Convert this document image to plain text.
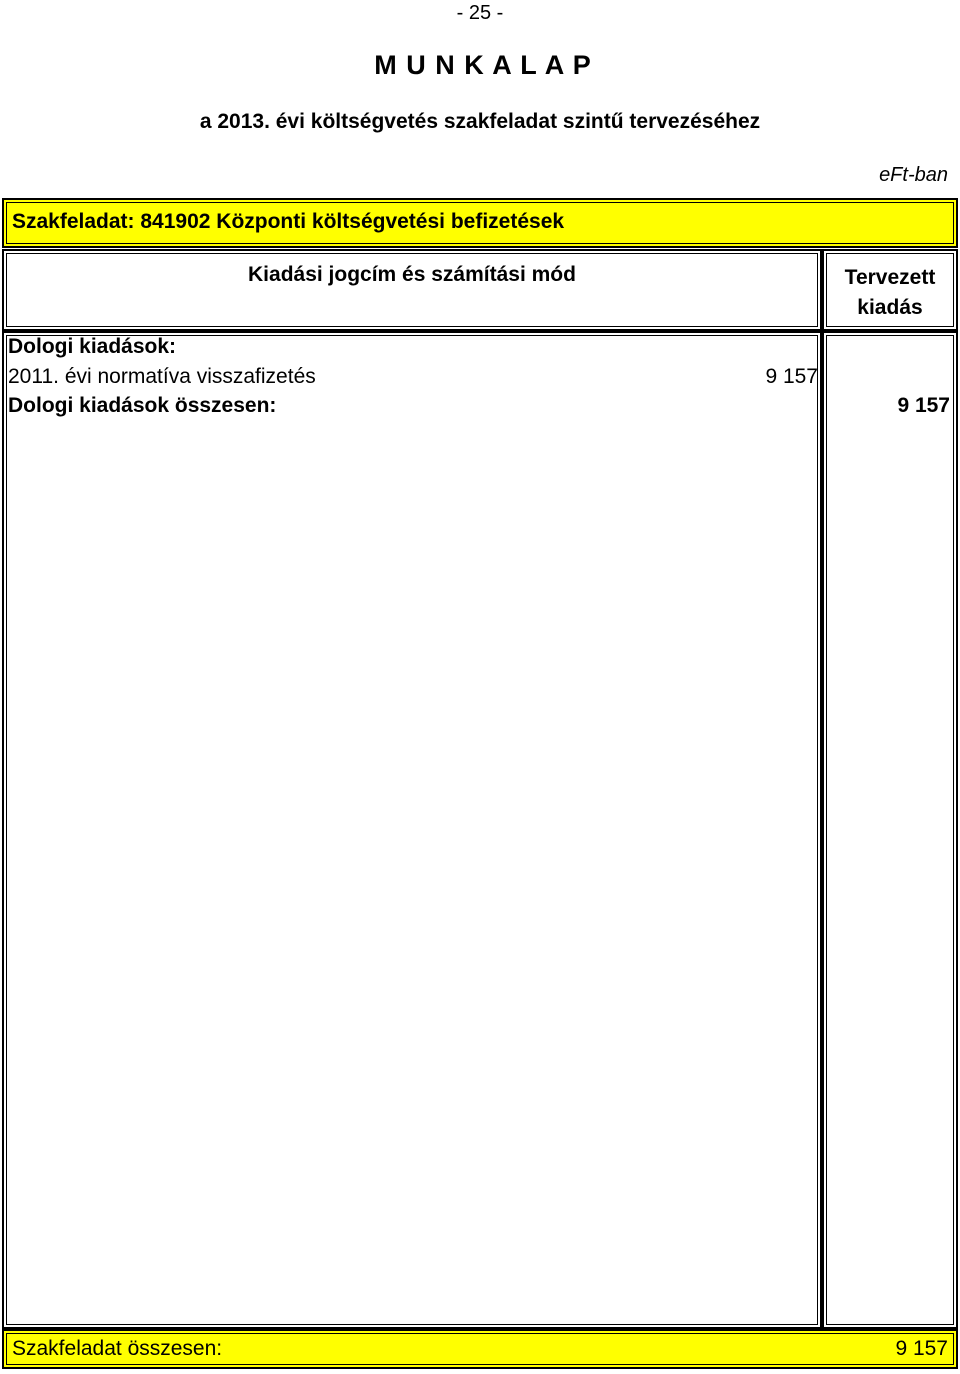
- 25 -
M U N K A L A P
a 2013. évi költségvetés szakfeladat szintű tervezéséhez
eFt-ban
Szakfeladat: 841902 Központi költségvetési befizetések
Kiadási jogcím és számítási mód	Tervezett
kiadás
Dologi kiadások:
2011. évi normatíva visszafizetés	9 157
Dologi kiadások összesen:	9 157
Szakfeladat összesen:	9 157
